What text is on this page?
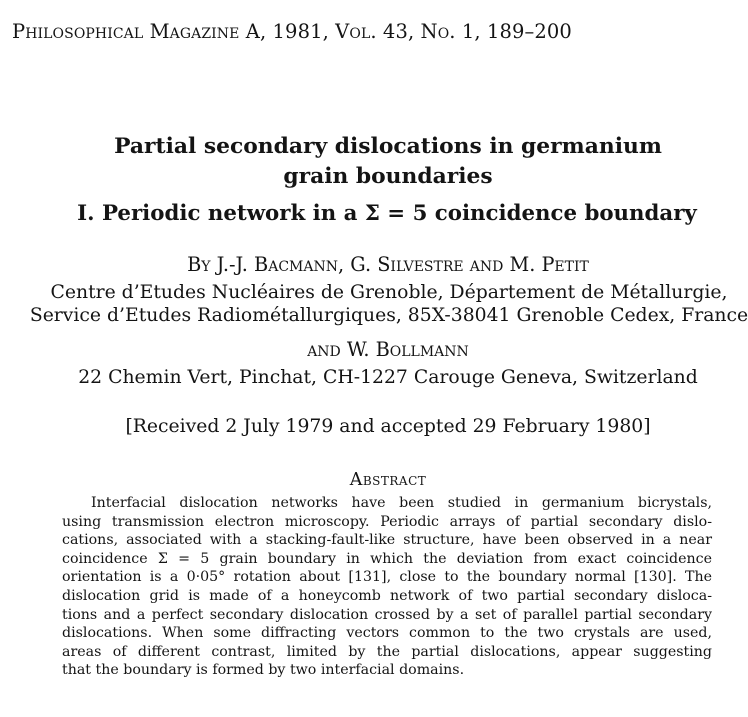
Philosophical Magazine A, 1981, Vol. 43, No. 1, 189–200
Partial secondary dislocations in germanium
grain boundaries
I. Periodic network in a Σ = 5 coincidence boundary
By J.-J. Bacmann, G. Silvestre and M. Petit
Centre d’Etudes Nucléaires de Grenoble, Département de Métallurgie,
Service d’Etudes Radiométallurgiques, 85X-38041 Grenoble Cedex, France
and W. Bollmann
22 Chemin Vert, Pinchat, CH-1227 Carouge Geneva, Switzerland
[Received 2 July 1979 and accepted 29 February 1980]
Abstract
Interfacial dislocation networks have been studied in germanium bicrystals,
using transmission electron microscopy. Periodic arrays of partial secondary dislo-
cations, associated with a stacking-fault-like structure, have been observed in a near
coincidence Σ = 5 grain boundary in which the deviation from exact coincidence
orientation is a 0·05° rotation about [131], close to the boundary normal [130]. The
dislocation grid is made of a honeycomb network of two partial secondary disloca-
tions and a perfect secondary dislocation crossed by a set of parallel partial secondary
dislocations. When some diffracting vectors common to the two crystals are used,
areas of different contrast, limited by the partial dislocations, appear suggesting
that the boundary is formed by two interfacial domains.
